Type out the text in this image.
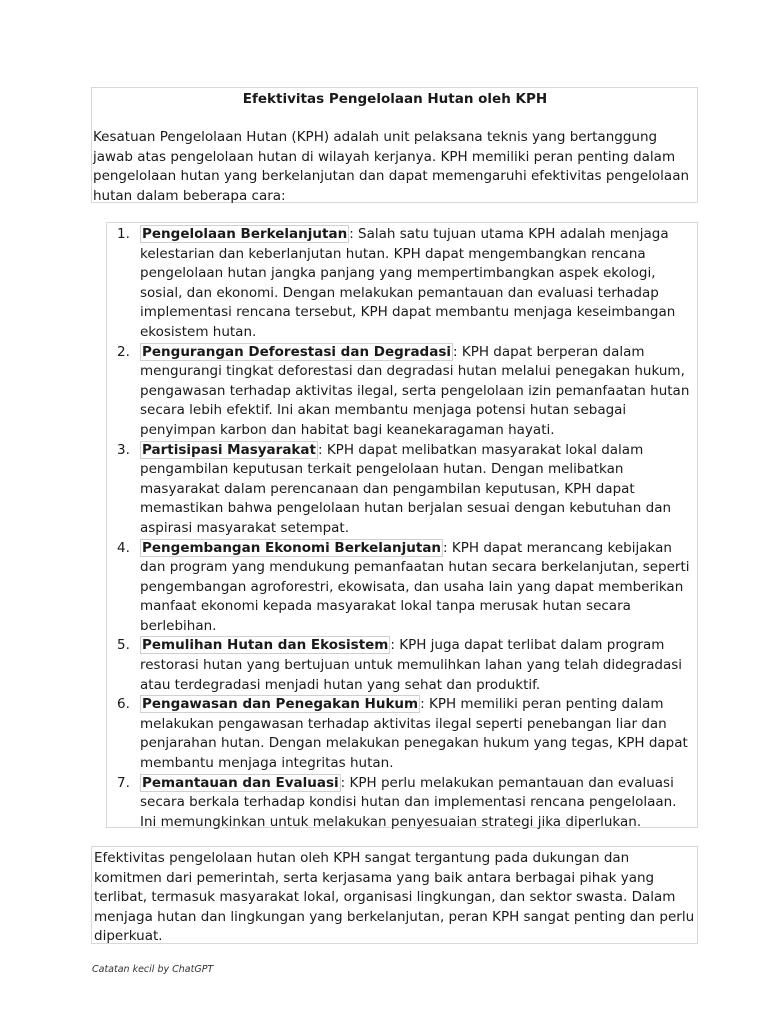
Efektivitas Pengelolaan Hutan oleh KPH
Kesatuan Pengelolaan Hutan (KPH) adalah unit pelaksana teknis yang bertanggung jawab atas pengelolaan hutan di wilayah kerjanya. KPH memiliki peran penting dalam pengelolaan hutan yang berkelanjutan dan dapat memengaruhi efektivitas pengelolaan hutan dalam beberapa cara:
1. Pengelolaan Berkelanjutan : Salah satu tujuan utama KPH adalah menjaga kelestarian dan keberlanjutan hutan. KPH dapat mengembangkan rencana pengelolaan hutan jangka panjang yang mempertimbangkan aspek ekologi, sosial, dan ekonomi. Dengan melakukan pemantauan dan evaluasi terhadap implementasi rencana tersebut, KPH dapat membantu menjaga keseimbangan ekosistem hutan.
2. Pengurangan Deforestasi dan Degradasi : KPH dapat berperan dalam mengurangi tingkat deforestasi dan degradasi hutan melalui penegakan hukum, pengawasan terhadap aktivitas ilegal, serta pengelolaan izin pemanfaatan hutan secara lebih efektif. Ini akan membantu menjaga potensi hutan sebagai penyimpan karbon dan habitat bagi keanekaragaman hayati.
3. Partisipasi Masyarakat : KPH dapat melibatkan masyarakat lokal dalam pengambilan keputusan terkait pengelolaan hutan. Dengan melibatkan masyarakat dalam perencanaan dan pengambilan keputusan, KPH dapat memastikan bahwa pengelolaan hutan berjalan sesuai dengan kebutuhan dan aspirasi masyarakat setempat.
4. Pengembangan Ekonomi Berkelanjutan : KPH dapat merancang kebijakan dan program yang mendukung pemanfaatan hutan secara berkelanjutan, seperti pengembangan agroforestri, ekowisata, dan usaha lain yang dapat memberikan manfaat ekonomi kepada masyarakat lokal tanpa merusak hutan secara berlebihan.
5. Pemulihan Hutan dan Ekosistem : KPH juga dapat terlibat dalam program restorasi hutan yang bertujuan untuk memulihkan lahan yang telah didegradasi atau terdegradasi menjadi hutan yang sehat dan produktif.
6. Pengawasan dan Penegakan Hukum : KPH memiliki peran penting dalam melakukan pengawasan terhadap aktivitas ilegal seperti penebangan liar dan penjarahan hutan. Dengan melakukan penegakan hukum yang tegas, KPH dapat membantu menjaga integritas hutan.
7. Pemantauan dan Evaluasi : KPH perlu melakukan pemantauan dan evaluasi secara berkala terhadap kondisi hutan dan implementasi rencana pengelolaan. Ini memungkinkan untuk melakukan penyesuaian strategi jika diperlukan.
Efektivitas pengelolaan hutan oleh KPH sangat tergantung pada dukungan dan komitmen dari pemerintah, serta kerjasama yang baik antara berbagai pihak yang terlibat, termasuk masyarakat lokal, organisasi lingkungan, dan sektor swasta. Dalam menjaga hutan dan lingkungan yang berkelanjutan, peran KPH sangat penting dan perlu diperkuat.
Catatan kecil by ChatGPT
